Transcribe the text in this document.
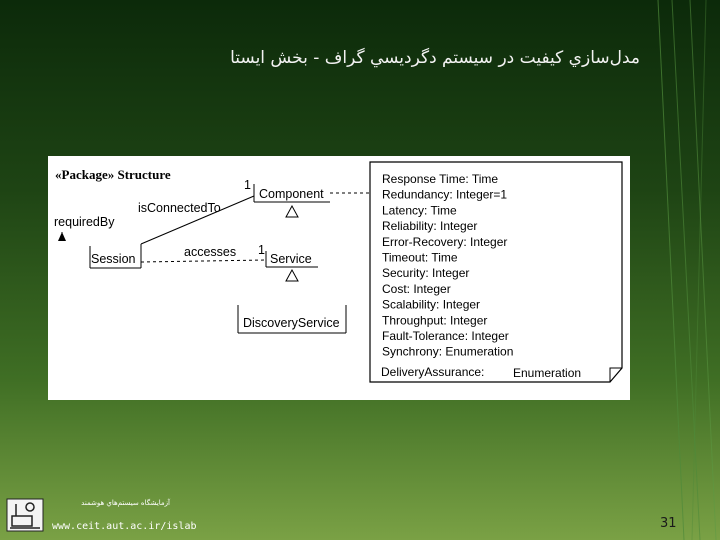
مدل‌سازي كيفيت در سيستم دگرديسي گراف - بخش ايستا
«Package» Structure
Component
Service
Session
DiscoveryService
requiredBy
isConnectedTo
accesses
1
1
Response Time: Time
Redundancy: Integer=1
Latency: Time
Reliability: Integer
Error-Recovery: Integer
Timeout: Time
Security: Integer
Cost: Integer
Scalability: Integer
Throughput: Integer
Fault-Tolerance: Integer
Synchrony: Enumeration
DeliveryAssurance: Enumeration
آزمايشگاه سيستم‌هاي هوشمند
www.ceit.aut.ac.ir/islab	31
